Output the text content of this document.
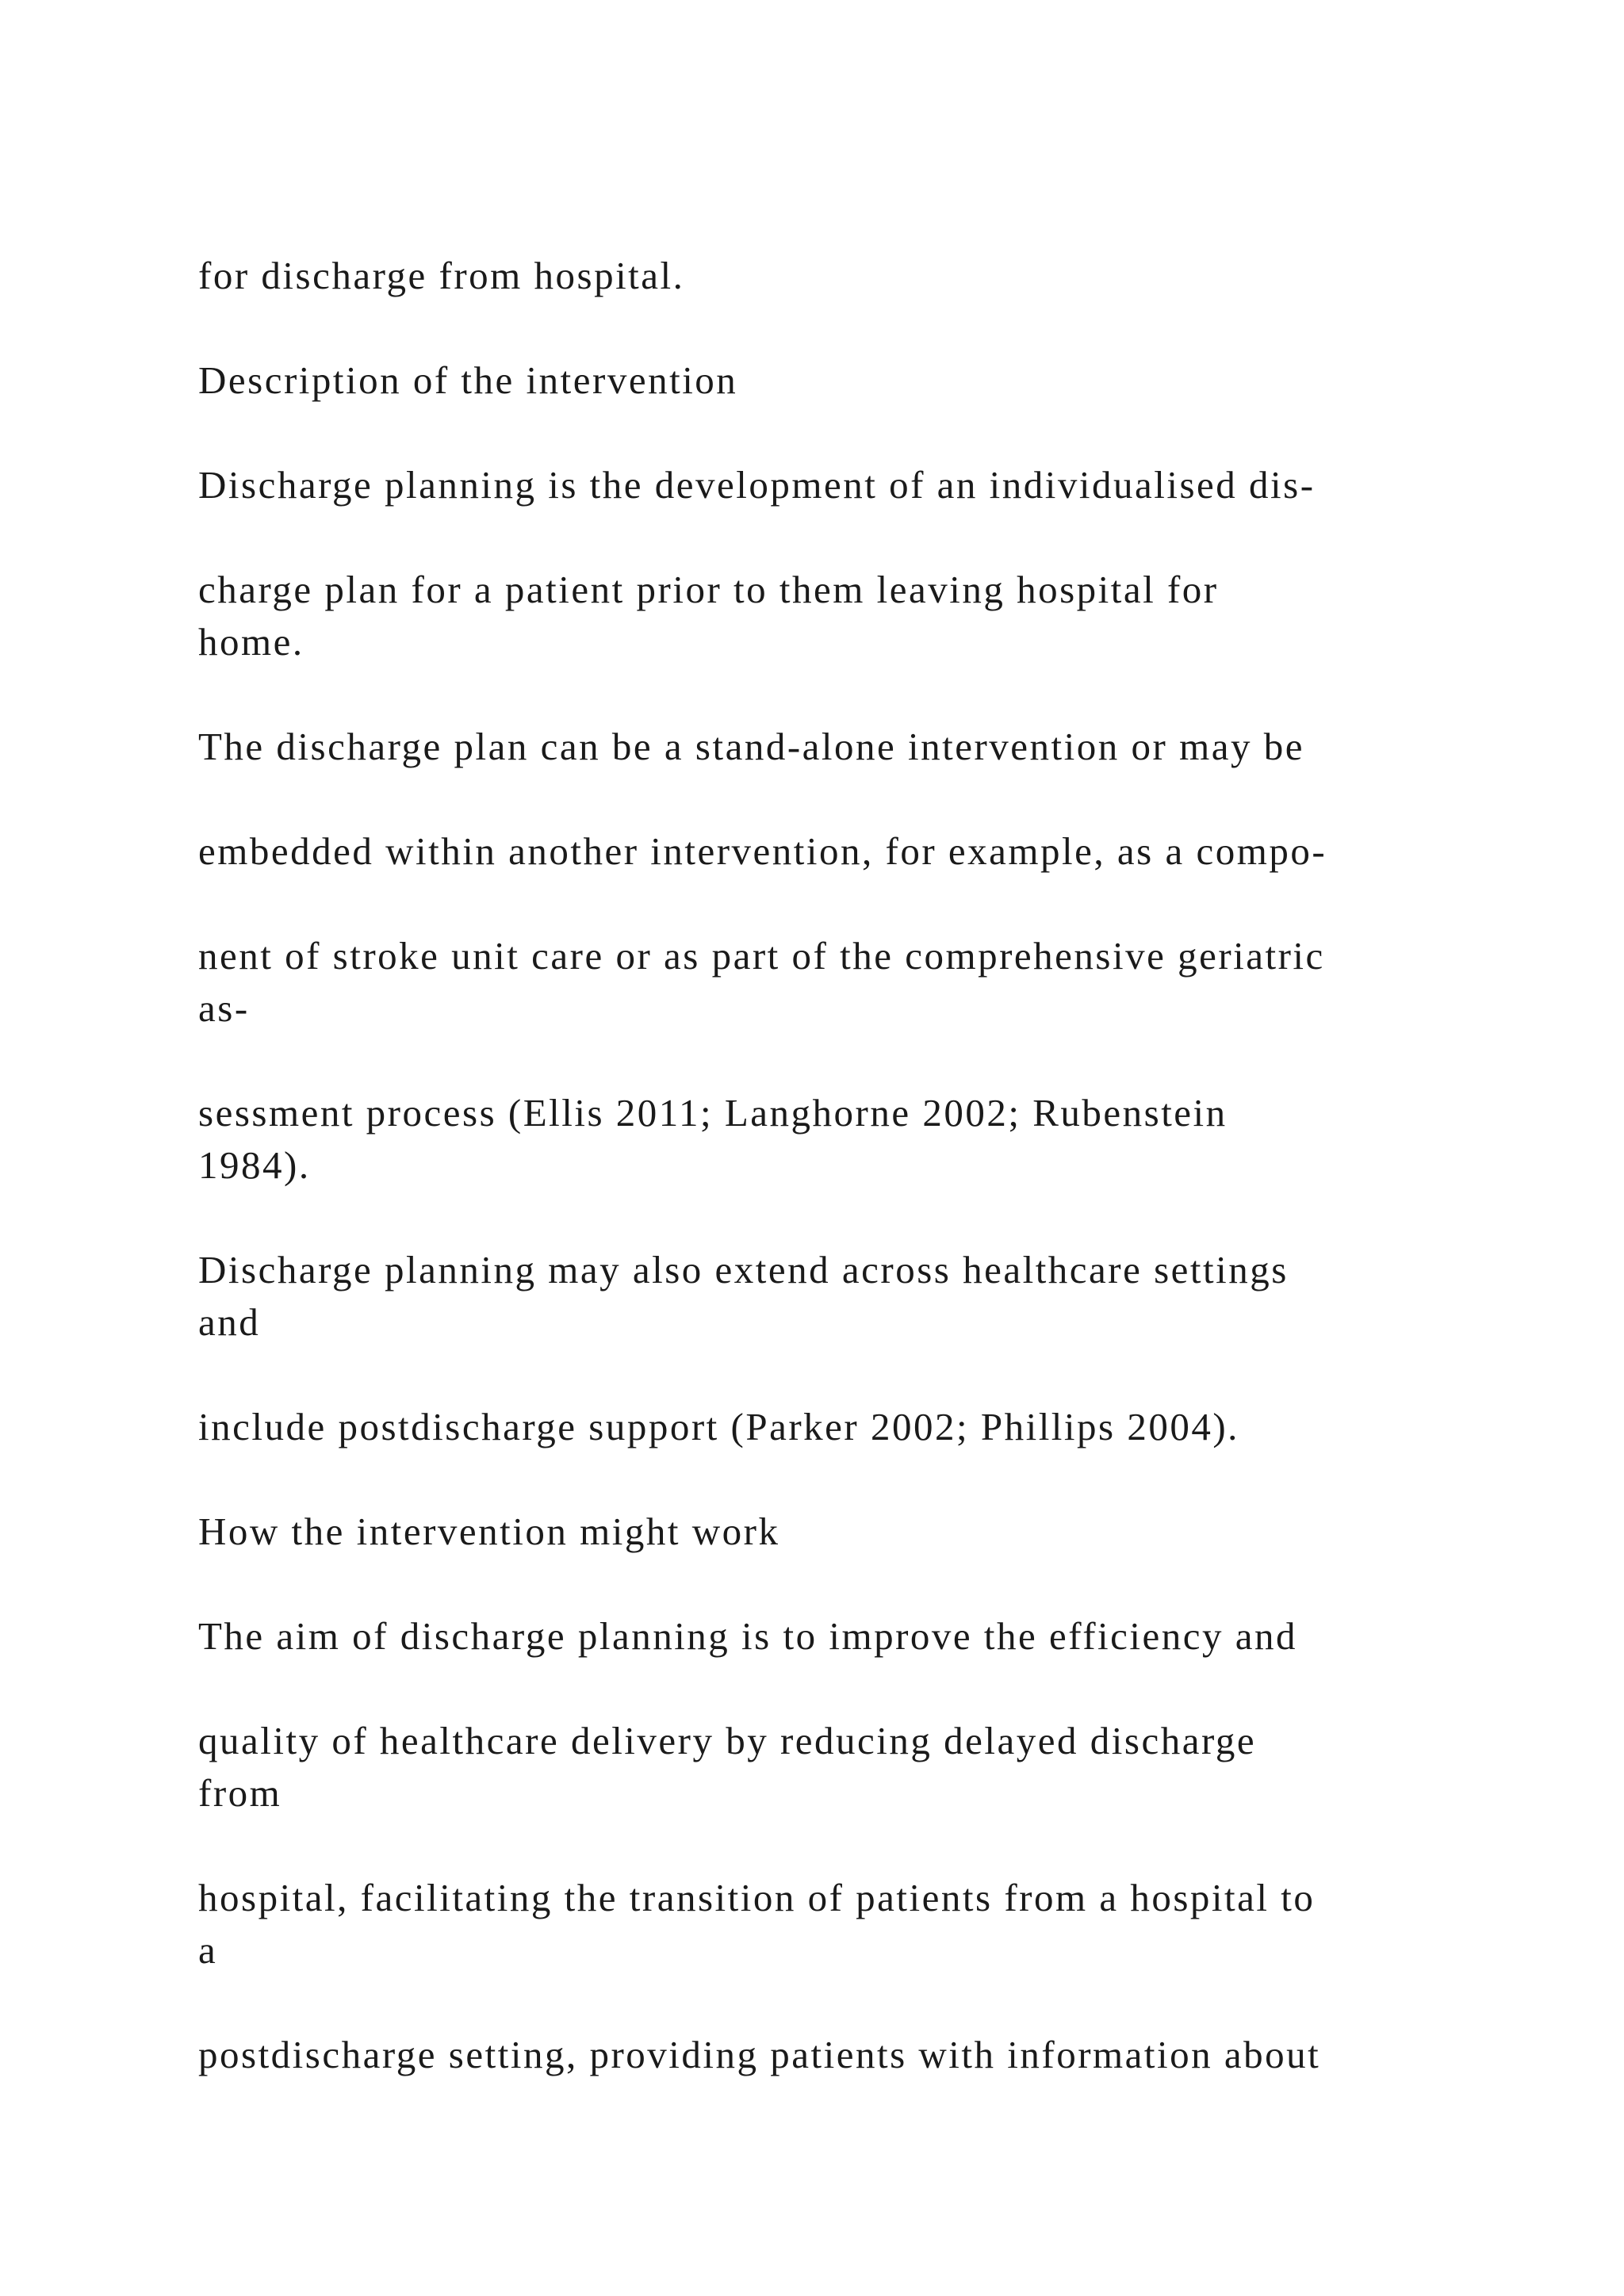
for discharge from hospital.

Description of the intervention

Discharge planning is the development of an individualised dis-

charge plan for a patient prior to them leaving hospital for
home.

The discharge plan can be a stand-alone intervention or may be

embedded within another intervention, for example, as a compo-

nent of stroke unit care or as part of the comprehensive geriatric
as-

sessment process (Ellis 2011; Langhorne 2002; Rubenstein
1984).

Discharge planning may also extend across healthcare settings
and

include postdischarge support (Parker 2002; Phillips 2004).

How the intervention might work

The aim of discharge planning is to improve the efficiency and

quality of healthcare delivery by reducing delayed discharge
from

hospital, facilitating the transition of patients from a hospital to
a

postdischarge setting, providing patients with information about
